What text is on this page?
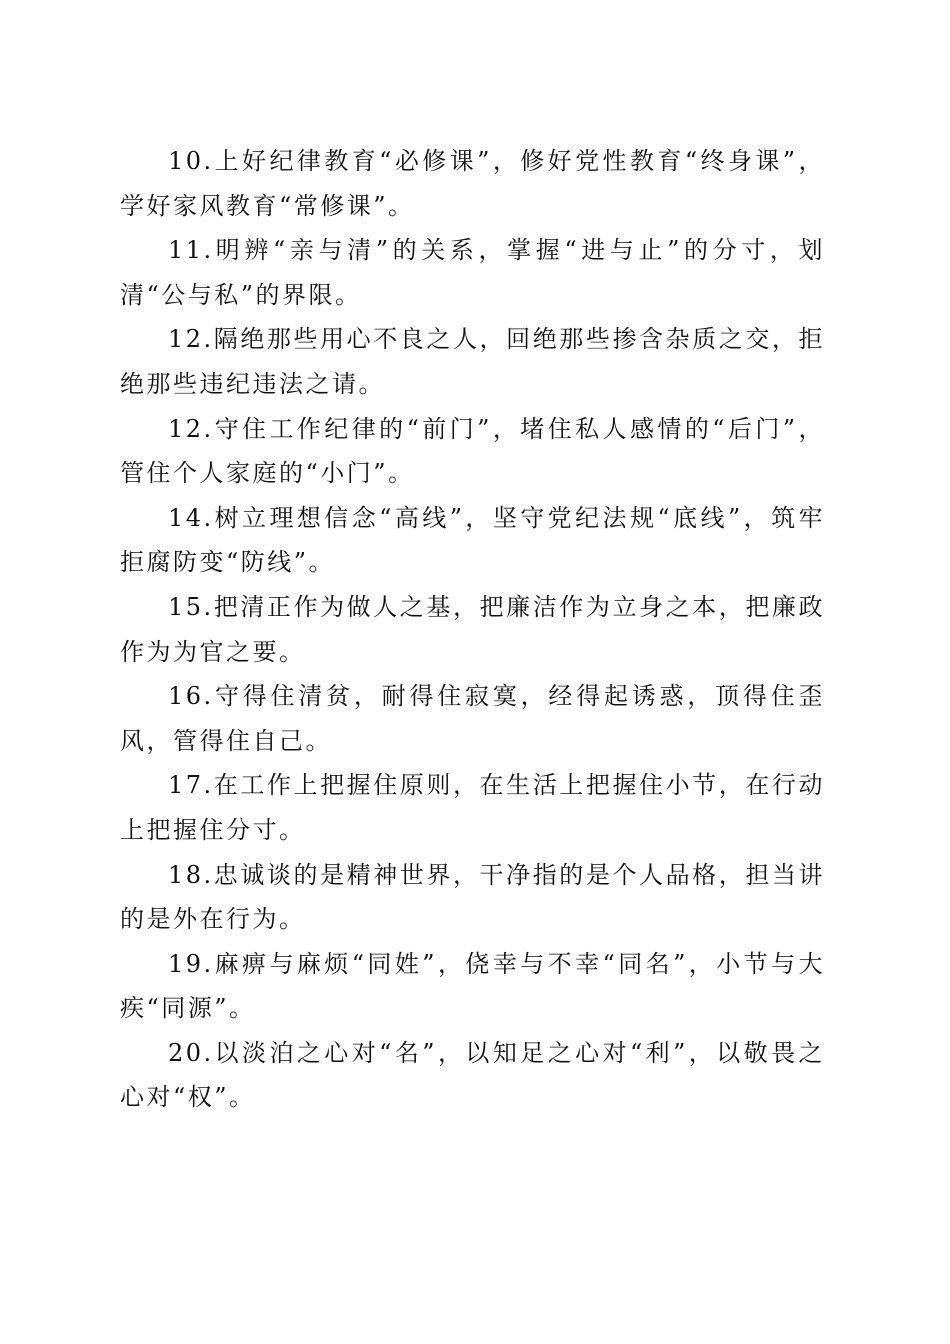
10.上好纪律教育“必修课”，修好党性教育“终身课”，学好家风教育“常修课”。

11.明辨“亲与清”的关系，掌握“进与止”的分寸，划清“公与私”的界限。

12.隔绝那些用心不良之人，回绝那些掺含杂质之交，拒绝那些违纪违法之请。

12.守住工作纪律的“前门”，堵住私人感情的“后门”，管住个人家庭的“小门”。

14.树立理想信念“高线”，坚守党纪法规“底线”，筑牢拒腐防变“防线”。

15.把清正作为做人之基，把廉洁作为立身之本，把廉政作为为官之要。

16.守得住清贫，耐得住寂寞，经得起诱惑，顶得住歪风，管得住自己。

17.在工作上把握住原则，在生活上把握住小节，在行动上把握住分寸。

18.忠诚谈的是精神世界，干净指的是个人品格，担当讲的是外在行为。

19.麻痹与麻烦“同姓”，侥幸与不幸“同名”，小节与大疾“同源”。

20.以淡泊之心对“名”，以知足之心对“利”，以敬畏之心对“权”。
